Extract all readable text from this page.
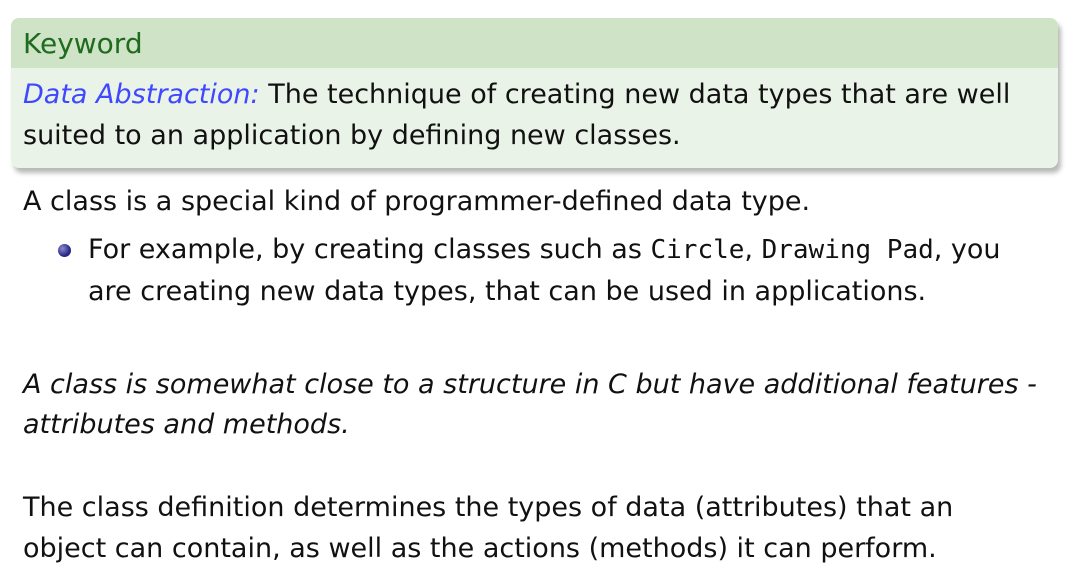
Keyword
Data Abstraction: The technique of creating new data types that are well suited to an application by defining new classes.
A class is a special kind of programmer-defined data type.
For example, by creating classes such as Circle, Drawing Pad, you are creating new data types, that can be used in applications.
A class is somewhat close to a structure in C but have additional features -
attributes and methods.
The class definition determines the types of data (attributes) that an
object can contain, as well as the actions (methods) it can perform.
